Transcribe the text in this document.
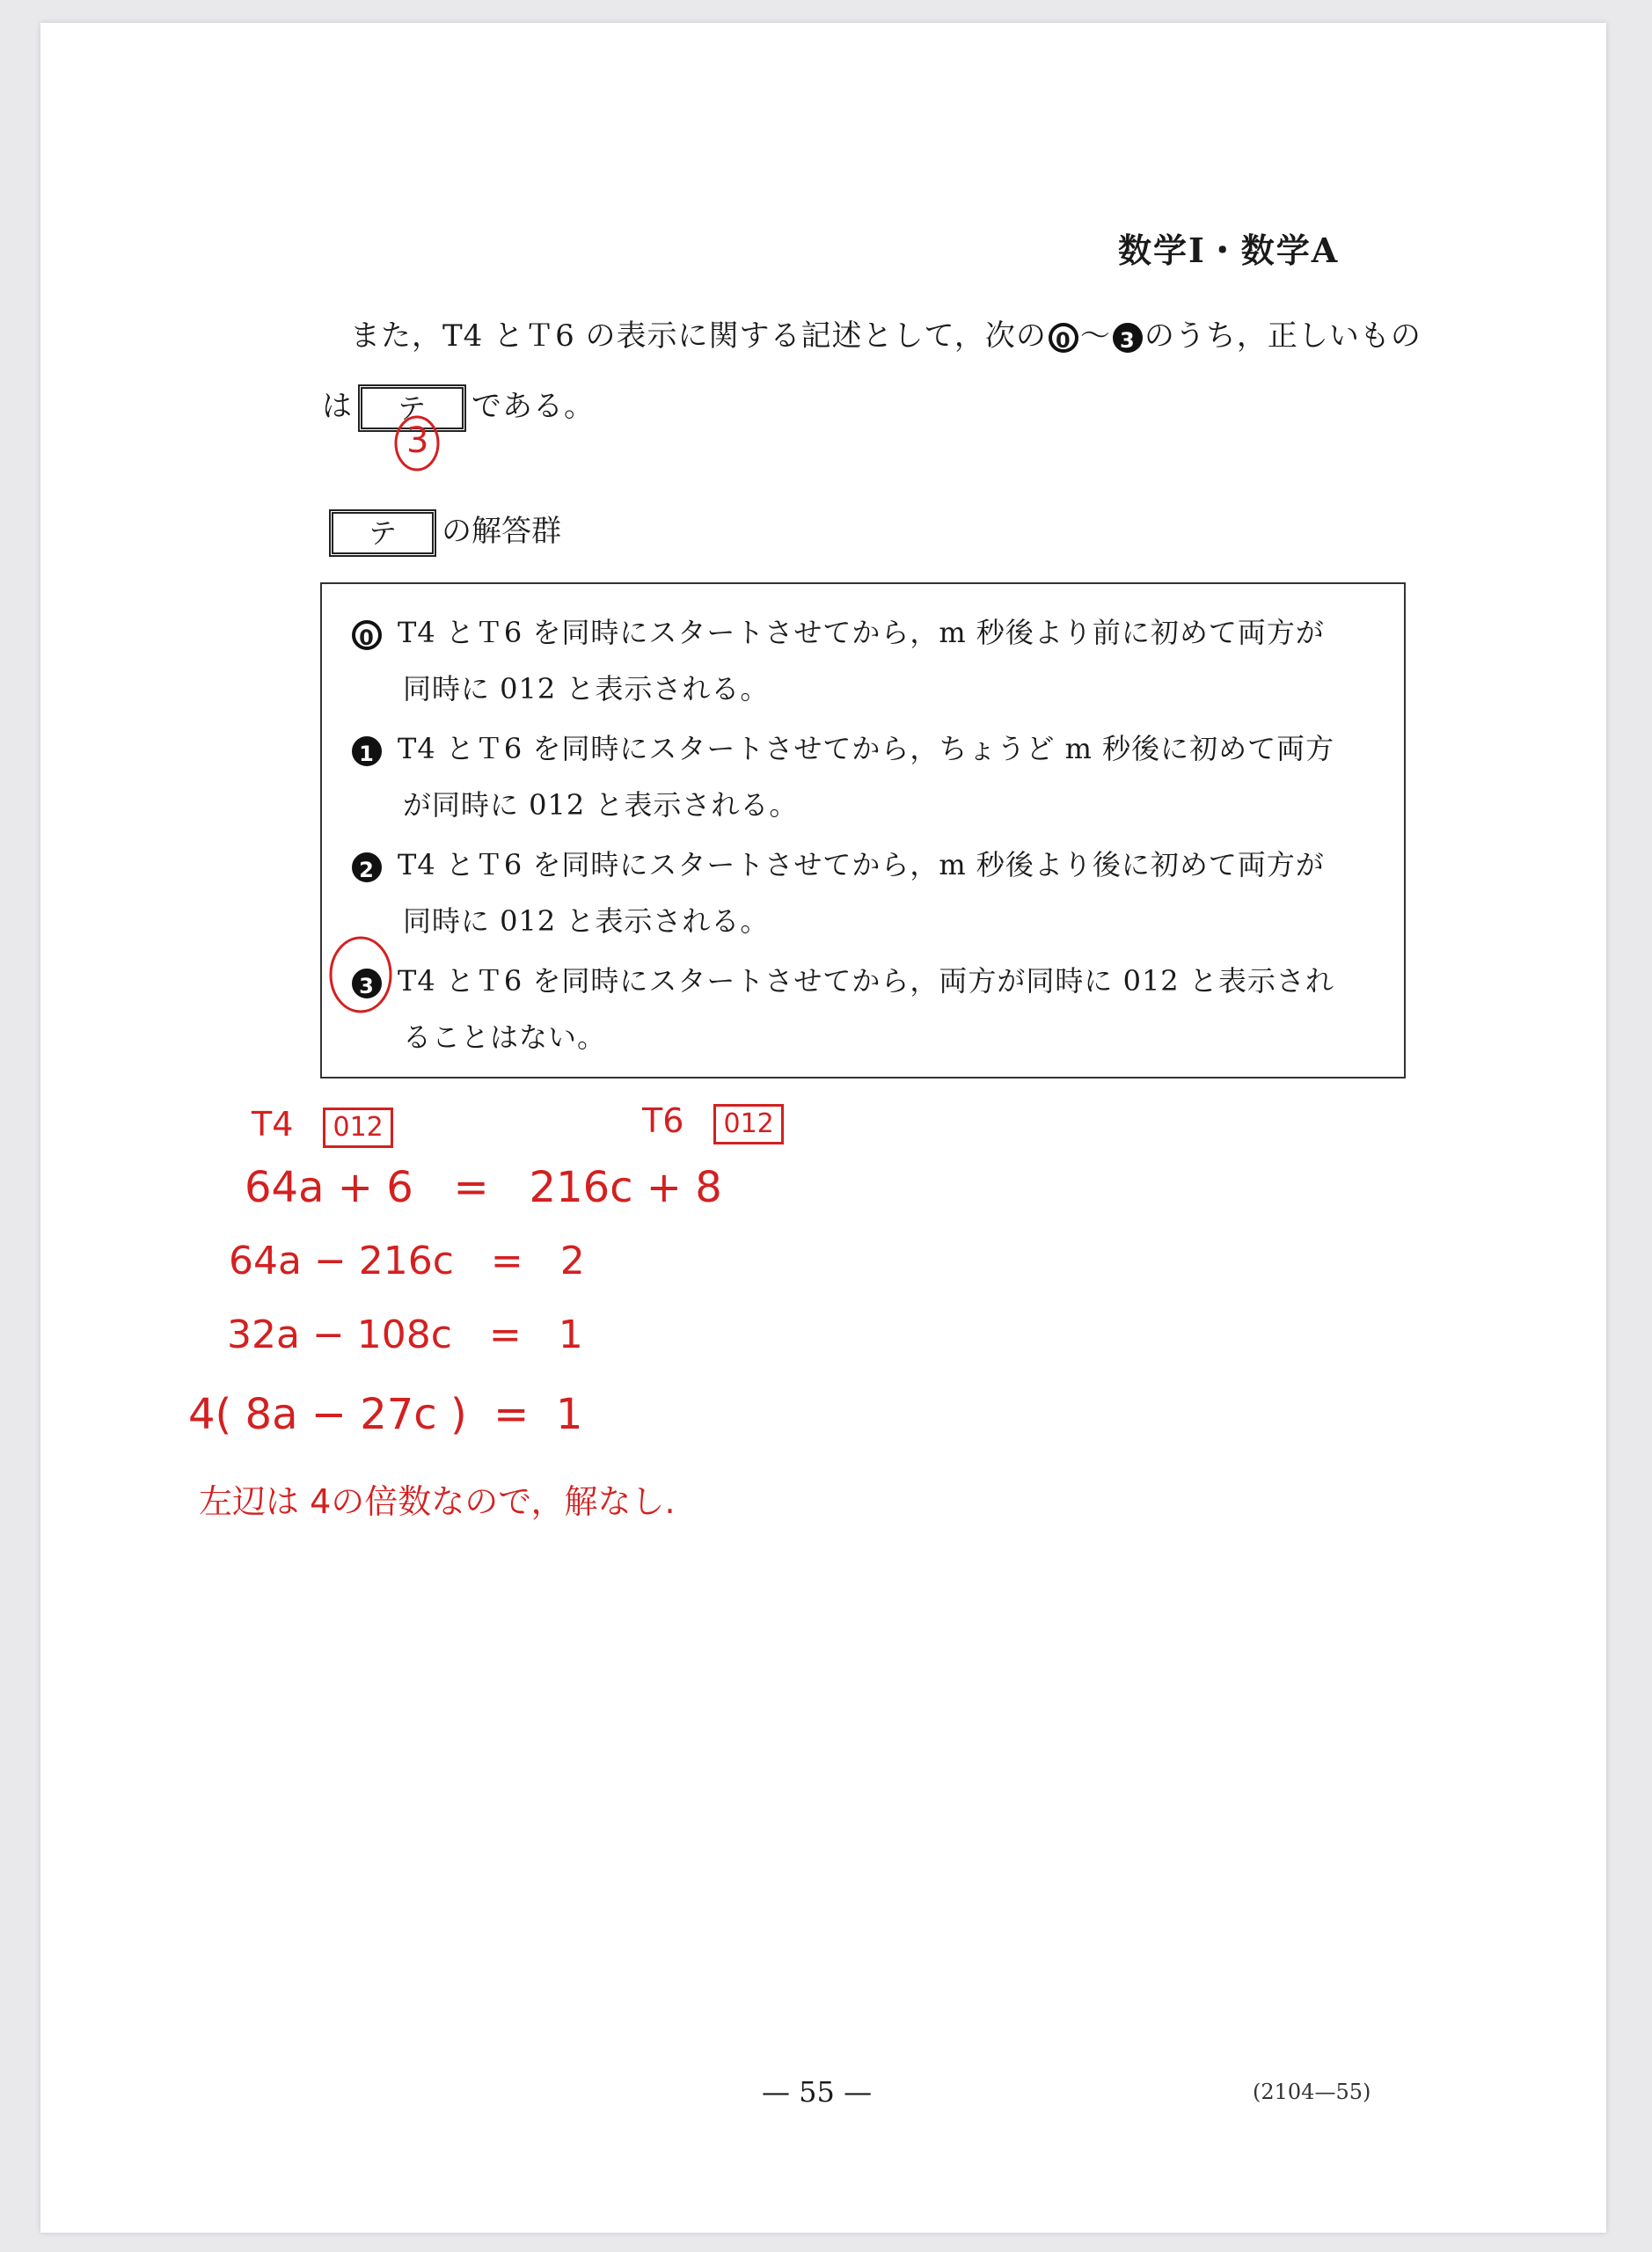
数学Ⅰ・数学A
また，T4 とＴ6 の表示に関する記述として，次の 0 ～ 3 のうち，正しいもの
は テ である。
テ の解答群
0 T4 とＴ6 を同時にスタートさせてから，m 秒後より前に初めて両方が
同時に 012 と表示される。
1 T4 とＴ6 を同時にスタートさせてから，ちょうど m 秒後に初めて両方
が同時に 012 と表示される。
2 T4 とＴ6 を同時にスタートさせてから，m 秒後より後に初めて両方が
同時に 012 と表示される。
3 T4 とＴ6 を同時にスタートさせてから，両方が同時に 012 と表示され
ることはない。
3
T4 012	T6 012
64a + 6   =   216c + 8
64a − 216c   =   2
32a − 108c   =   1
4( 8a − 27c )  =  1
左辺は 4の倍数なので，解なし.
— 55 —	(2104—55)
